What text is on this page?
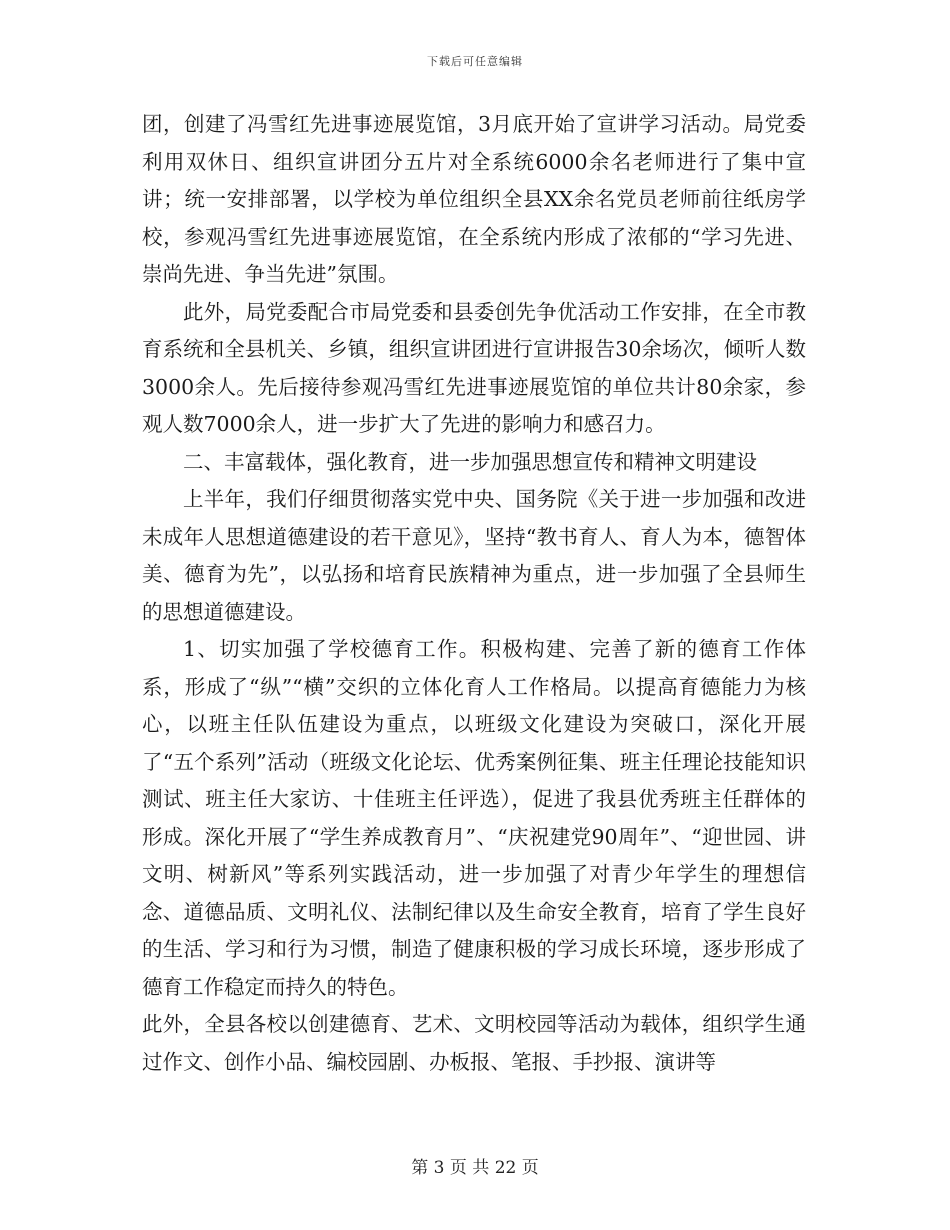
下载后可任意编辑

团，创建了冯雪红先进事迹展览馆，3月底开始了宣讲学习活动。局党委利用双休日、组织宣讲团分五片对全系统6000余名老师进行了集中宣讲；统一安排部署，以学校为单位组织全县XX余名党员老师前往纸房学校，参观冯雪红先进事迹展览馆，在全系统内形成了浓郁的“学习先进、崇尚先进、争当先进”氛围。

此外，局党委配合市局党委和县委创先争优活动工作安排，在全市教育系统和全县机关、乡镇，组织宣讲团进行宣讲报告30余场次，倾听人数3000余人。先后接待参观冯雪红先进事迹展览馆的单位共计80余家，参观人数7000余人，进一步扩大了先进的影响力和感召力。

二、丰富载体，强化教育，进一步加强思想宣传和精神文明建设

上半年，我们仔细贯彻落实党中央、国务院《关于进一步加强和改进未成年人思想道德建设的若干意见》，坚持“教书育人、育人为本，德智体美、德育为先”，以弘扬和培育民族精神为重点，进一步加强了全县师生的思想道德建设。

1、切实加强了学校德育工作。积极构建、完善了新的德育工作体系，形成了“纵”“横”交织的立体化育人工作格局。以提高育德能力为核心，以班主任队伍建设为重点，以班级文化建设为突破口，深化开展了“五个系列”活动（班级文化论坛、优秀案例征集、班主任理论技能知识测试、班主任大家访、十佳班主任评选），促进了我县优秀班主任群体的形成。深化开展了“学生养成教育月”、“庆祝建党90周年”、“迎世园、讲文明、树新风”等系列实践活动，进一步加强了对青少年学生的理想信念、道德品质、文明礼仪、法制纪律以及生命安全教育，培育了学生良好的生活、学习和行为习惯，制造了健康积极的学习成长环境，逐步形成了德育工作稳定而持久的特色。

此外，全县各校以创建德育、艺术、文明校园等活动为载体，组织学生通过作文、创作小品、编校园剧、办板报、笔报、手抄报、演讲等

第 3 页 共 22 页
